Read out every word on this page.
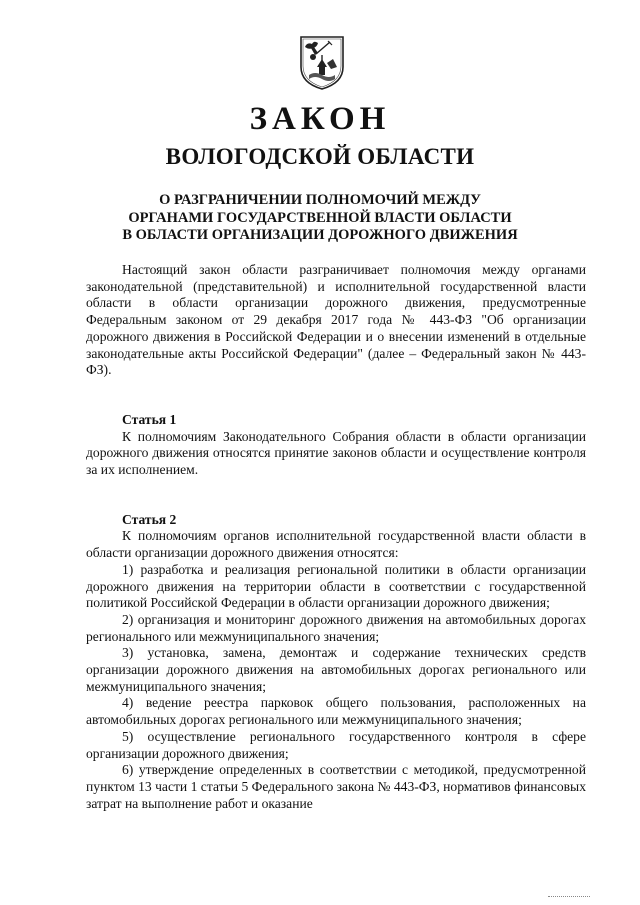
ЗАКОН
ВОЛОГОДСКОЙ ОБЛАСТИ
О РАЗГРАНИЧЕНИИ ПОЛНОМОЧИЙ МЕЖДУ
ОРГАНАМИ ГОСУДАРСТВЕННОЙ ВЛАСТИ ОБЛАСТИ
В ОБЛАСТИ ОРГАНИЗАЦИИ ДОРОЖНОГО ДВИЖЕНИЯ

Настоящий закон области разграничивает полномочия между органами законодательной (представительной) и исполнительной государственной власти области в области организации дорожного движения, предусмотренные Федеральным законом от 29 декабря 2017 года № 443-ФЗ "Об организации дорожного движения в Российской Федерации и о внесении изменений в отдельные законодательные акты Российской Федерации" (далее – Федеральный закон № 443-ФЗ).

Статья 1

К полномочиям Законодательного Собрания области в области организации дорожного движения относятся принятие законов области и осуществление контроля за их исполнением.

Статья 2

К полномочиям органов исполнительной государственной власти области в области организации дорожного движения относятся:

1) разработка и реализация региональной политики в области организации дорожного движения на территории области в соответствии с государственной политикой Российской Федерации в области организации дорожного движения;

2) организация и мониторинг дорожного движения на автомобильных дорогах регионального или межмуниципального значения;

3) установка, замена, демонтаж и содержание технических средств организации дорожного движения на автомобильных дорогах регионального или межмуниципального значения;

4) ведение реестра парковок общего пользования, расположенных на автомобильных дорогах регионального или межмуниципального значения;

5) осуществление регионального государственного контроля в сфере организации дорожного движения;

6) утверждение определенных в соответствии с методикой, предусмотренной пунктом 13 части 1 статьи 5 Федерального закона № 443-ФЗ, нормативов финансовых затрат на выполнение работ и оказание
